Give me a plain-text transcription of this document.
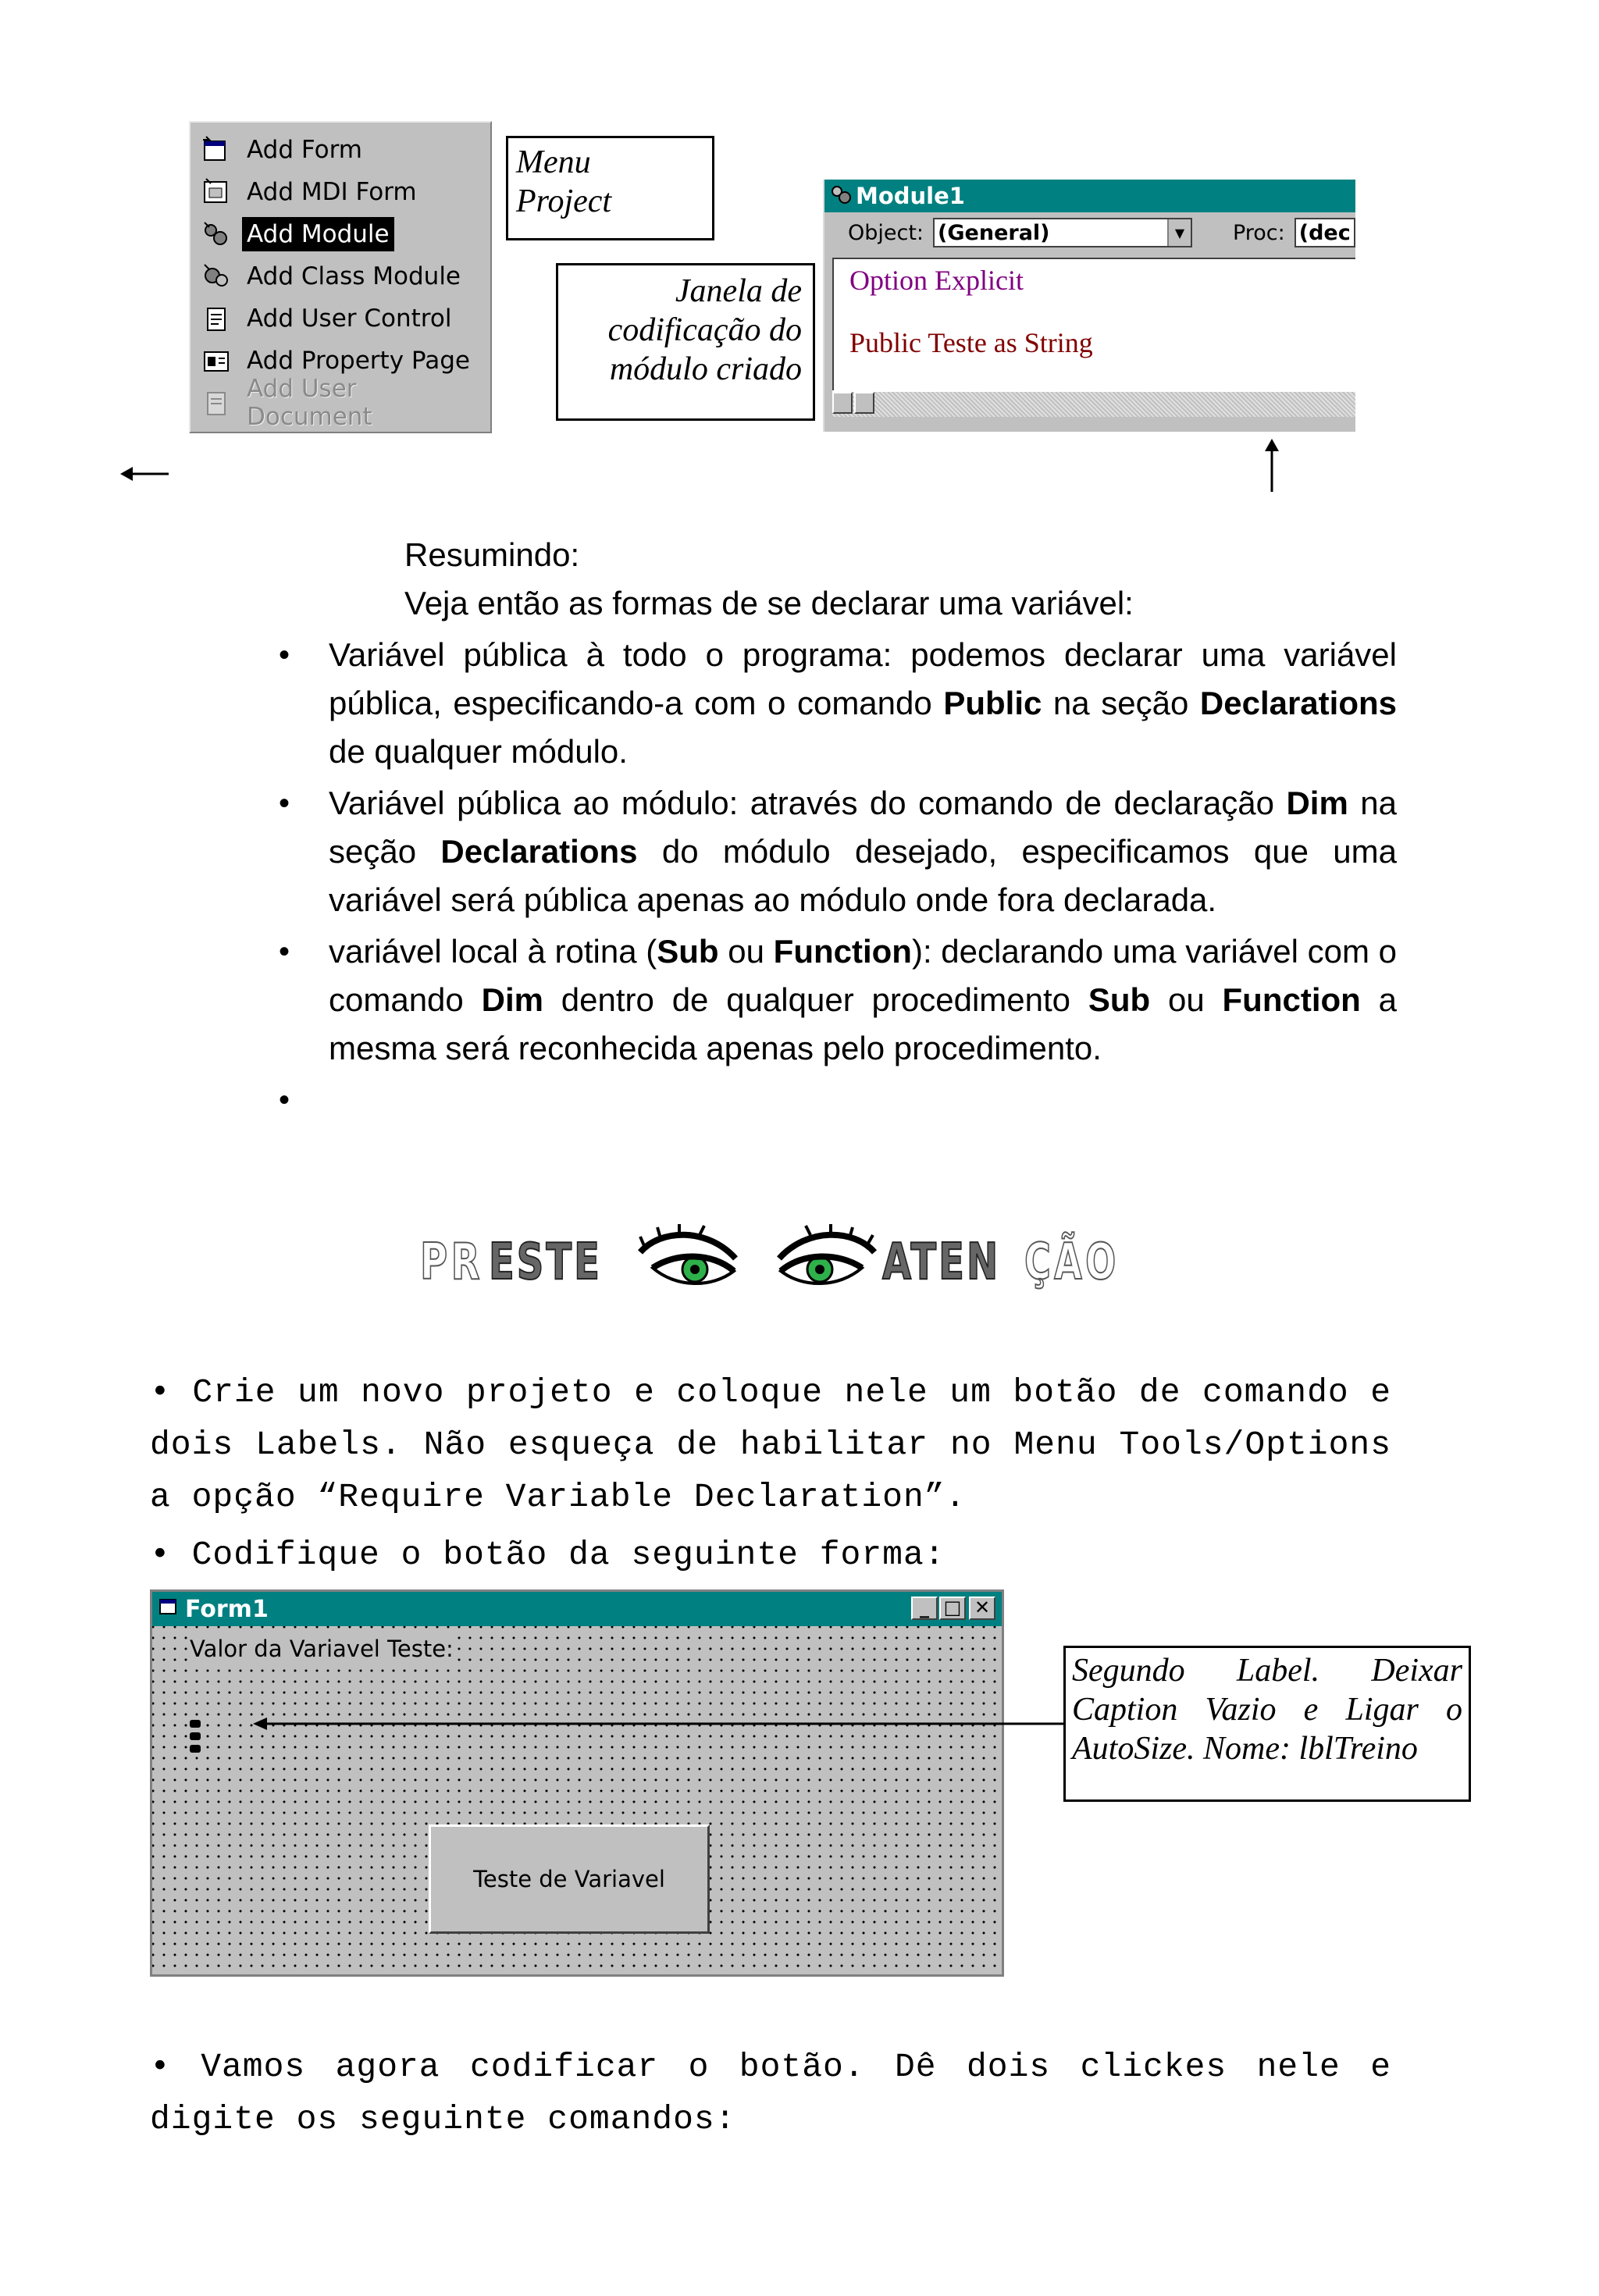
Add Form
Add MDI Form
Add Module
Add Class Module
Add User Control
Add Property Page
Add User Document
Menu
Project
Janela de
codificação do
módulo criado
Module1
Object: (General)	▼ Proc: (dec
Option Explicit
Public Teste as String
Resumindo:
Veja então as formas de se declarar uma variável:
• Variável pública à todo o programa: podemos declarar uma variável pública, especificando-a com o comando Public na seção Declarations de qualquer módulo.
• Variável pública ao módulo: através do comando de declaração Dim na seção Declarations do módulo desejado, especificamos que uma variável será pública apenas ao módulo onde fora declarada.
• variável local à rotina (Sub ou Function): declarando uma variável com o comando Dim dentro de qualquer procedimento Sub ou Function a mesma será reconhecida apenas pelo procedimento.
•
PR ESTE	ATEN ÇÃO
• Crie um novo projeto e coloque nele um botão de comando e dois Labels. Não esqueça de habilitar no Menu Tools/Options a opção “Require Variable Declaration”.
• Codifique o botão da seguinte forma:
Form1	_ □ ✕
Valor da Variavel Teste:
Teste de Variavel
Segundo Label. Deixar
Caption Vazio e Ligar o
AutoSize. Nome: lblTreino
• Vamos agora codificar o botão. Dê dois clickes nele e digite os seguinte comandos:
